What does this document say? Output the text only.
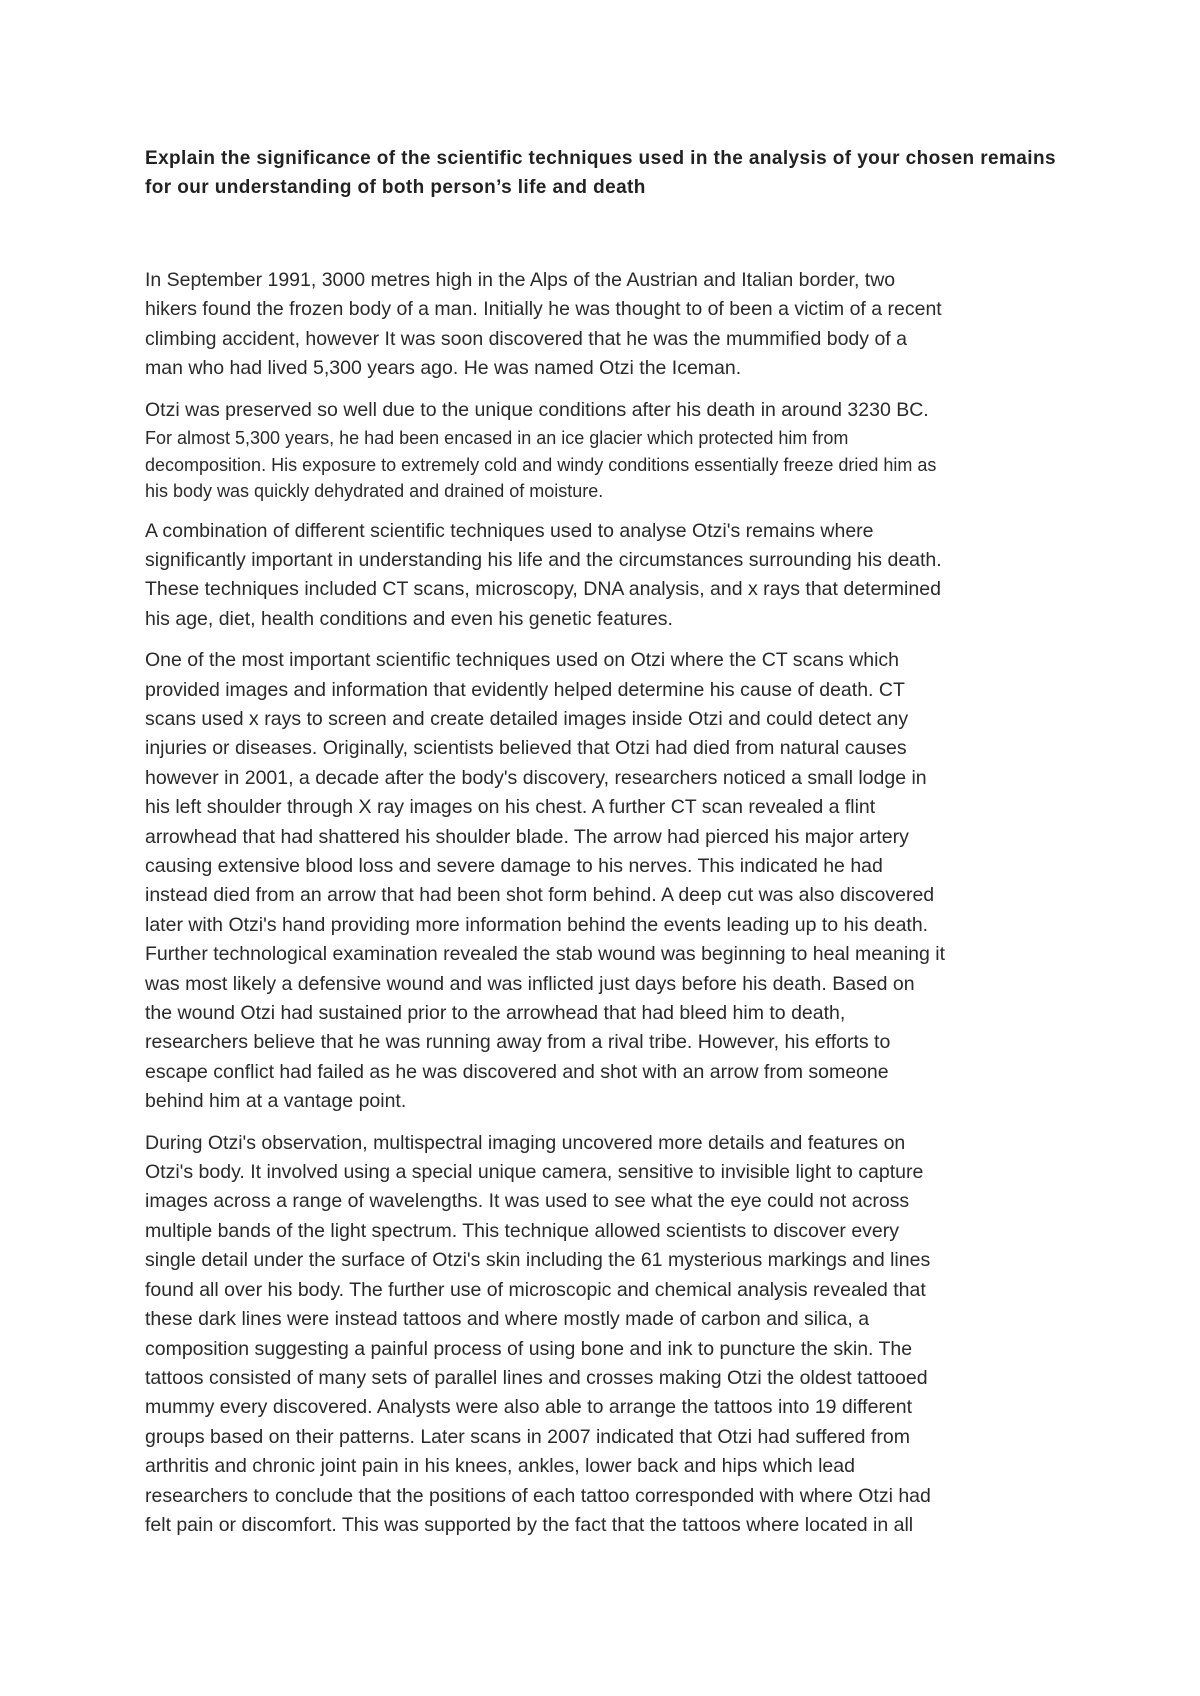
Explain the significance of the scientific techniques used in the analysis of your chosen remains for our understanding of both person’s life and death
In September 1991, 3000 metres high in the Alps of the Austrian and Italian border, two
hikers found the frozen body of a man. Initially he was thought to of been a victim of a recent
climbing accident, however It was soon discovered that he was the mummified body of a
man who had lived 5,300 years ago. He was named Otzi the Iceman.
Otzi was preserved so well due to the unique conditions after his death in around 3230 BC.
For almost 5,300 years, he had been encased in an ice glacier which protected him from
decomposition. His exposure to extremely cold and windy conditions essentially freeze dried him as
his body was quickly dehydrated and drained of moisture.
A combination of different scientific techniques used to analyse Otzi's remains where
significantly important in understanding his life and the circumstances surrounding his death.
These techniques included CT scans, microscopy, DNA analysis, and x rays that determined
his age, diet, health conditions and even his genetic features.
One of the most important scientific techniques used on Otzi where the CT scans which
provided images and information that evidently helped determine his cause of death. CT
scans used x rays to screen and create detailed images inside Otzi and could detect any
injuries or diseases. Originally, scientists believed that Otzi had died from natural causes
however in 2001, a decade after the body's discovery, researchers noticed a small lodge in
his left shoulder through X ray images on his chest. A further CT scan revealed a flint
arrowhead that had shattered his shoulder blade. The arrow had pierced his major artery
causing extensive blood loss and severe damage to his nerves. This indicated he had
instead died from an arrow that had been shot form behind. A deep cut was also discovered
later with Otzi's hand providing more information behind the events leading up to his death.
Further technological examination revealed the stab wound was beginning to heal meaning it
was most likely a defensive wound and was inflicted just days before his death. Based on
the wound Otzi had sustained prior to the arrowhead that had bleed him to death,
researchers believe that he was running away from a rival tribe. However, his efforts to
escape conflict had failed as he was discovered and shot with an arrow from someone
behind him at a vantage point.
During Otzi's observation, multispectral imaging uncovered more details and features on
Otzi's body. It involved using a special unique camera, sensitive to invisible light to capture
images across a range of wavelengths. It was used to see what the eye could not across
multiple bands of the light spectrum. This technique allowed scientists to discover every
single detail under the surface of Otzi's skin including the 61 mysterious markings and lines
found all over his body. The further use of microscopic and chemical analysis revealed that
these dark lines were instead tattoos and where mostly made of carbon and silica, a
composition suggesting a painful process of using bone and ink to puncture the skin. The
tattoos consisted of many sets of parallel lines and crosses making Otzi the oldest tattooed
mummy every discovered. Analysts were also able to arrange the tattoos into 19 different
groups based on their patterns. Later scans in 2007 indicated that Otzi had suffered from
arthritis and chronic joint pain in his knees, ankles, lower back and hips which lead
researchers to conclude that the positions of each tattoo corresponded with where Otzi had
felt pain or discomfort. This was supported by the fact that the tattoos where located in all
